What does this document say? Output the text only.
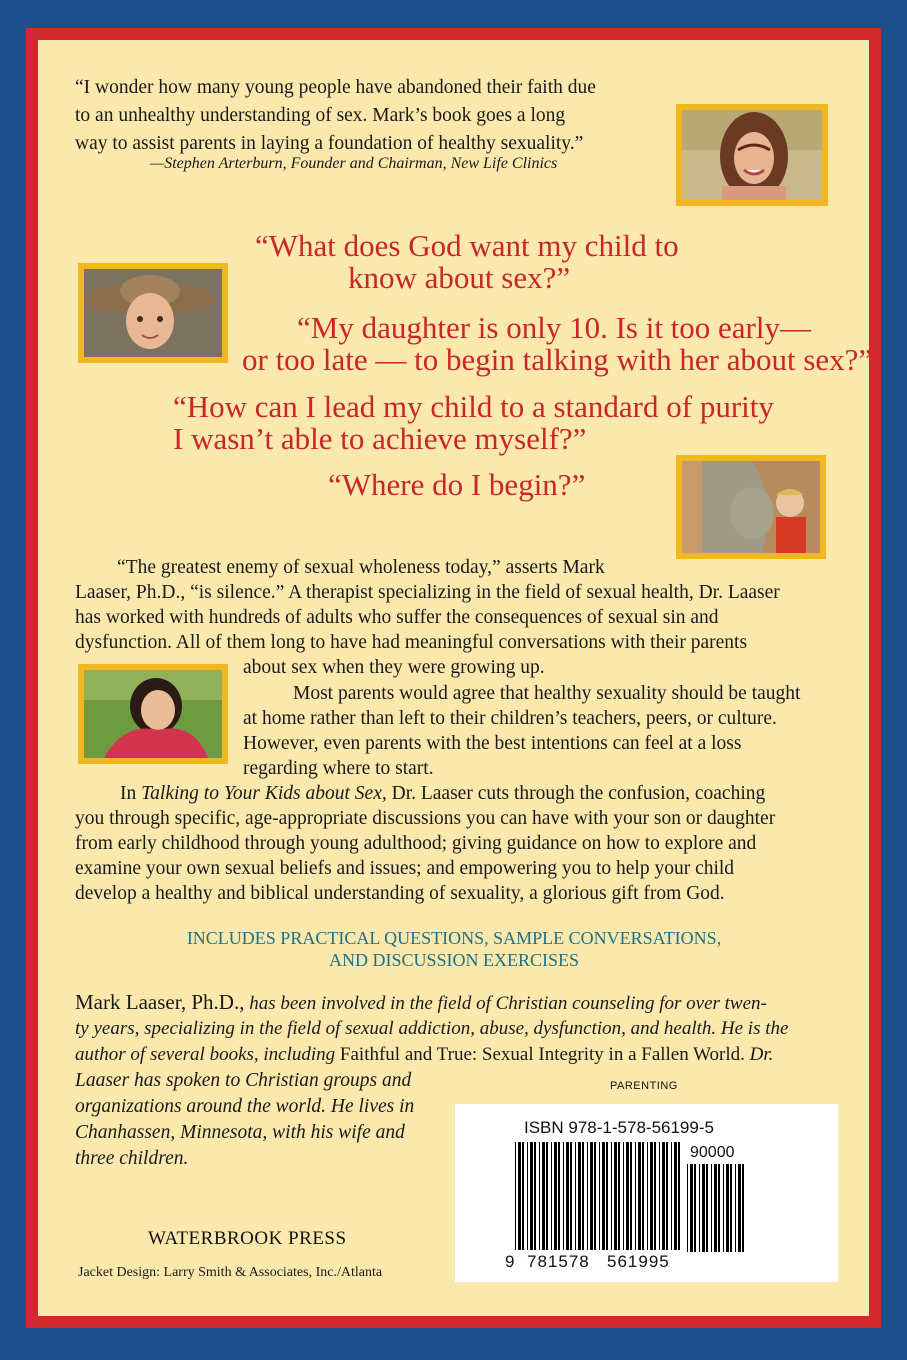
“I wonder how many young people have abandoned their faith due
to an unhealthy understanding of sex. Mark’s book goes a long
way to assist parents in laying a foundation of healthy sexuality.”
—Stephen Arterburn, Founder and Chairman, New Life Clinics
“What does God want my child to
know about sex?”
“My daughter is only 10. Is it too early—
or too late — to begin talking with her about sex?”
“How can I lead my child to a standard of purity
I wasn’t able to achieve myself?”
“Where do I begin?”
“The greatest enemy of sexual wholeness today,” asserts Mark
Laaser, Ph.D., “is silence.” A therapist specializing in the field of sexual health, Dr. Laaser
has worked with hundreds of adults who suffer the consequences of sexual sin and
dysfunction. All of them long to have had meaningful conversations with their parents
about sex when they were growing up.
Most parents would agree that healthy sexuality should be taught
at home rather than left to their children’s teachers, peers, or culture.
However, even parents with the best intentions can feel at a loss
regarding where to start.
In Talking to Your Kids about Sex, Dr. Laaser cuts through the confusion, coaching
you through specific, age-appropriate discussions you can have with your son or daughter
from early childhood through young adulthood; giving guidance on how to explore and
examine your own sexual beliefs and issues; and empowering you to help your child
develop a healthy and biblical understanding of sexuality, a glorious gift from God.
INCLUDES PRACTICAL QUESTIONS, SAMPLE CONVERSATIONS,
AND DISCUSSION EXERCISES
Mark Laaser, Ph.D., has been involved in the field of Christian counseling for over twen-
ty years, specializing in the field of sexual addiction, abuse, dysfunction, and health. He is the
author of several books, including Faithful and True: Sexual Integrity in a Fallen World. Dr.
Laaser has spoken to Christian groups and
organizations around the world. He lives in
Chanhassen, Minnesota, with his wife and
three children.
PARENTING
ISBN 978-1-578-56199-5
90000
9 781578 561995
WATERBROOK PRESS
Jacket Design: Larry Smith & Associates, Inc./Atlanta
